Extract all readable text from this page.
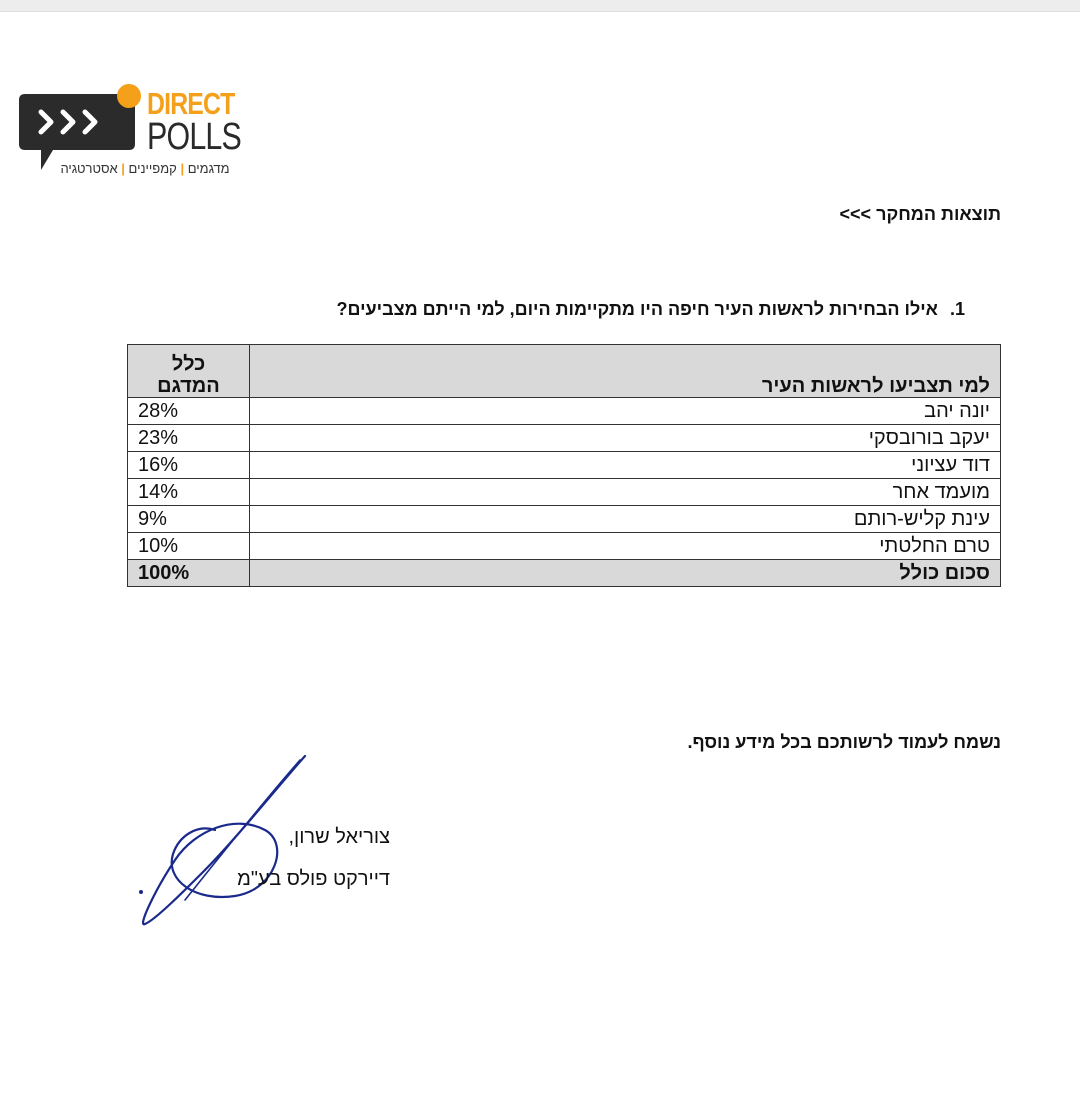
DIRECT
POLLS
מדגמים | קמפיינים | אסטרטגיה
תוצאות המחקר >>>
1.אילו הבחירות לראשות העיר חיפה היו מתקיימות היום, למי הייתם מצביעים?
למי תצביעו לראשות העיר	כלל המדגם
יונה יהב	28%
יעקב בורובסקי	23%
דוד עציוני	16%
מועמד אחר	14%
עינת קליש-רותם	9%
טרם החלטתי	10%
סכום כולל	100%
נשמח לעמוד לרשותכם בכל מידע נוסף.
צוריאל שרון,
דיירקט פולס בע"מ
